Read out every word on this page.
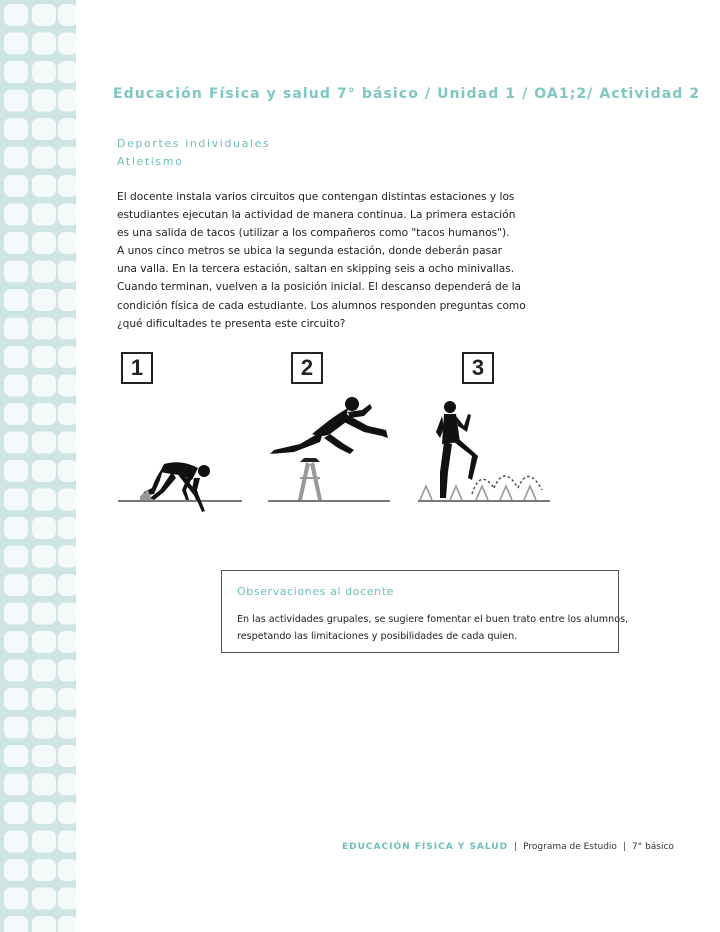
Educación Física y salud 7° básico / Unidad 1 / OA1;2/ Actividad 2
Deportes individuales
Atletismo
El docente instala varios circuitos que contengan distintas estaciones y los
estudiantes ejecutan la actividad de manera continua. La primera estación
es una salida de tacos (utilizar a los compañeros como "tacos humanos").
A unos cinco metros se ubica la segunda estación, donde deberán pasar
una valla. En la tercera estación, saltan en skipping seis a ocho minivallas.
Cuando terminan, vuelven a la posición inicial. El descanso dependerá de la
condición física de cada estudiante. Los alumnos responden preguntas como
¿qué dificultades te presenta este circuito?
1	2	3
Observaciones al docente
En las actividades grupales, se sugiere fomentar el buen trato entre los alumnos,
respetando las limitaciones y posibilidades de cada quien.
EDUCACIÓN FÍSICA Y SALUD | Programa de Estudio | 7° básico
